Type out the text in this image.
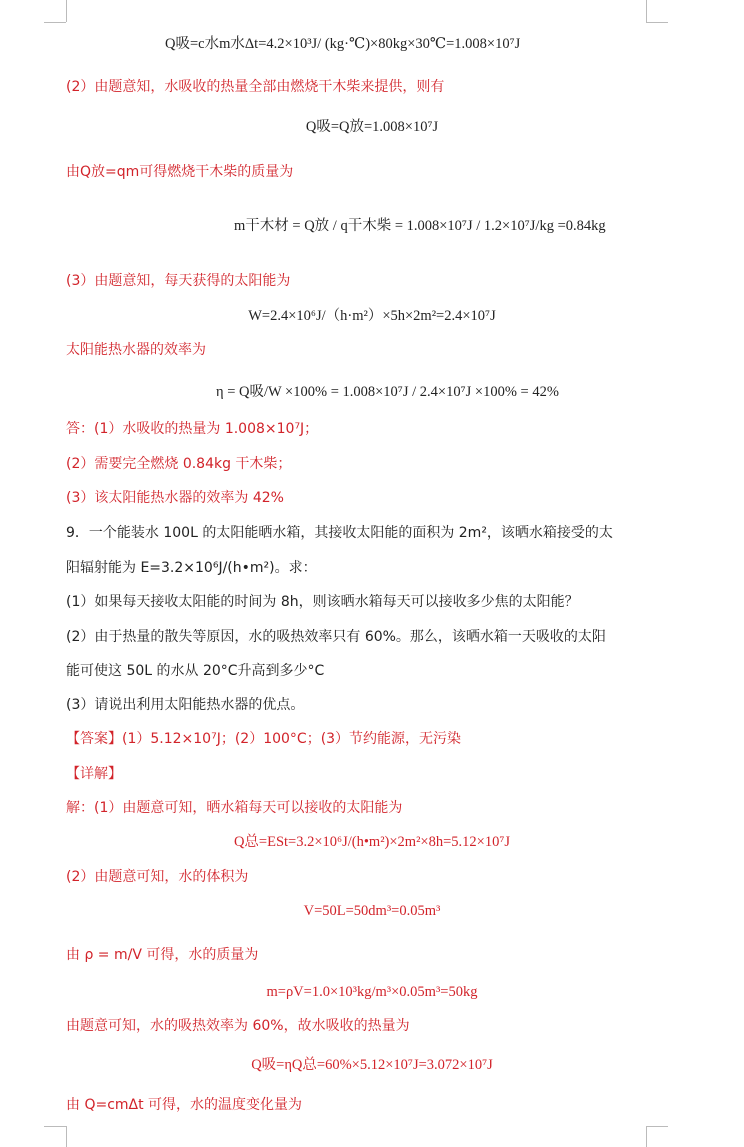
Q吸=c水m水Δt=4.2×10³J/ (kg·℃)×80kg×30℃=1.008×10⁷J
(2）由题意知，水吸收的热量全部由燃烧干木柴来提供，则有
Q吸=Q放=1.008×10⁷J
由Q放=qm可得燃烧干木柴的质量为
m干木材 = Q放 / q干木柴 = 1.008×10⁷J / 1.2×10⁷J/kg =0.84kg
(3）由题意知，每天获得的太阳能为
W=2.4×10⁶J/（h·m²）×5h×2m²=2.4×10⁷J
太阳能热水器的效率为
η = Q吸/W ×100% = 1.008×10⁷J / 2.4×10⁷J ×100% = 42%
答：(1）水吸收的热量为 1.008×10⁷J；
(2）需要完全燃烧 0.84kg 干木柴；
(3）该太阳能热水器的效率为 42%
9．一个能装水 100L 的太阳能晒水箱，其接收太阳能的面积为 2m²，该晒水箱接受的太
阳辐射能为 E=3.2×10⁶J/(h•m²)。求：
(1）如果每天接收太阳能的时间为 8h，则该晒水箱每天可以接收多少焦的太阳能？
(2）由于热量的散失等原因，水的吸热效率只有 60%。那么，该晒水箱一天吸收的太阳
能可使这 50L 的水从 20°C升高到多少°C
(3）请说出利用太阳能热水器的优点。
【答案】(1）5.12×10⁷J；(2）100°C；(3）节约能源，无污染
【详解】
解：(1）由题意可知，晒水箱每天可以接收的太阳能为
Q总=ESt=3.2×10⁶J/(h•m²)×2m²×8h=5.12×10⁷J
(2）由题意可知，水的体积为
V=50L=50dm³=0.05m³
由 ρ = m/V 可得，水的质量为
m=ρV=1.0×10³kg/m³×0.05m³=50kg
由题意可知，水的吸热效率为 60%，故水吸收的热量为
Q吸=ηQ总=60%×5.12×10⁷J=3.072×10⁷J
由 Q=cmΔt 可得，水的温度变化量为
